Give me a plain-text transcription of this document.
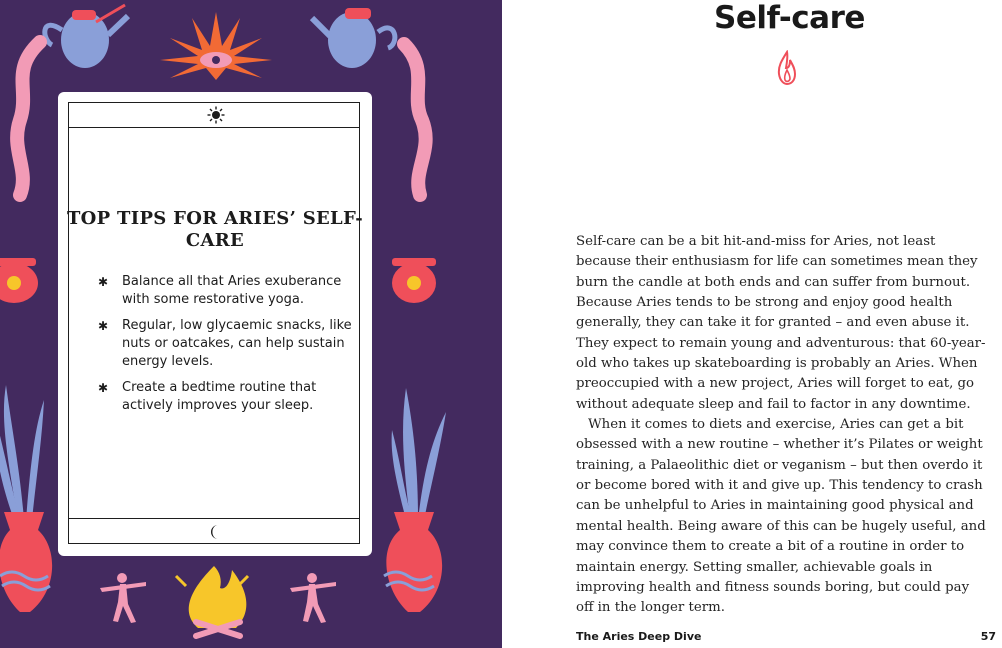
TOP TIPS FOR ARIES’ SELF-CARE
✱ Balance all that Aries exuberance with some restorative yoga.
✱ Regular, low glycaemic snacks, like nuts or oatcakes, can help sustain energy levels.
✱ Create a bedtime routine that actively improves your sleep.
Self-care

Self-care can be a bit hit-and-miss for Aries, not least because their enthusiasm for life can sometimes mean they burn the candle at both ends and can suffer from burnout. Because Aries tends to be strong and enjoy good health generally, they can take it for granted – and even abuse it. They expect to remain young and adventurous: that 60-year-old who takes up skateboarding is probably an Aries. When preoccupied with a new project, Aries will forget to eat, go without adequate sleep and fail to factor in any downtime.

When it comes to diets and exercise, Aries can get a bit obsessed with a new routine – whether it’s Pilates or weight training, a Palaeolithic diet or veganism – but then overdo it or become bored with it and give up. This tendency to crash can be unhelpful to Aries in maintaining good physical and mental health. Being aware of this can be hugely useful, and may convince them to create a bit of a routine in order to maintain energy. Setting smaller, achievable goals in improving health and fitness sounds boring, but could pay off in the longer term.

The Aries Deep Dive	57
